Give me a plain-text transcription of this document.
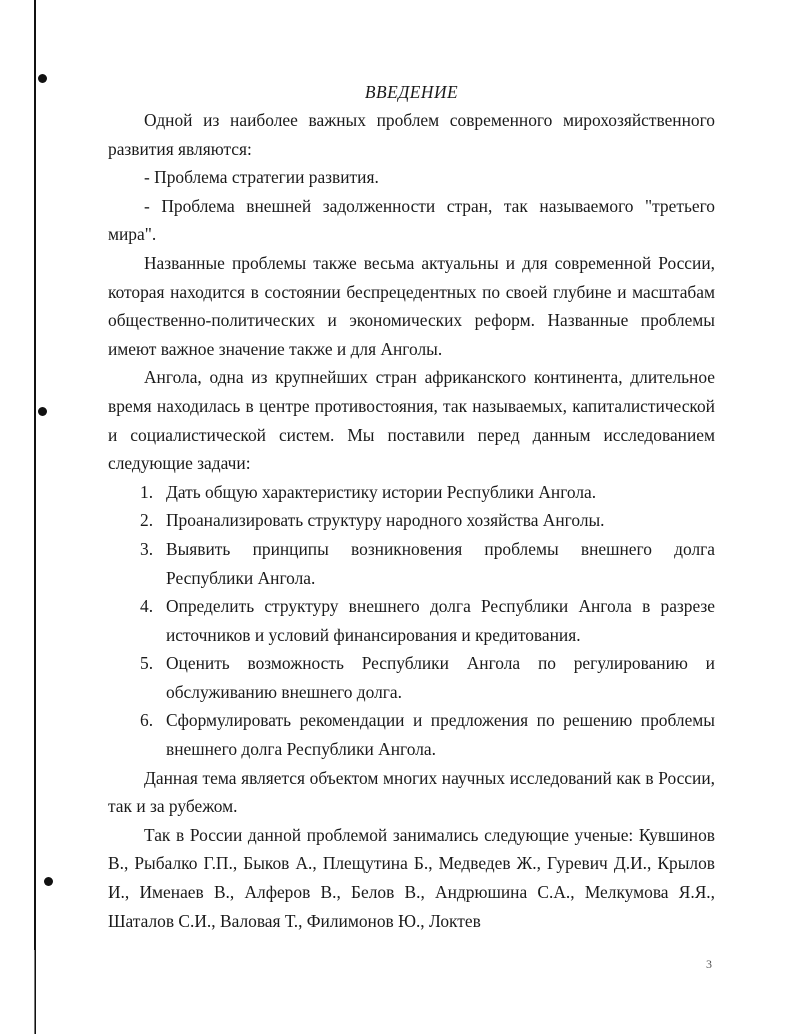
ВВЕДЕНИЕ

Одной из наиболее важных проблем современного мирохозяйственного развития являются:

- Проблема стратегии развития.

- Проблема внешней задолженности стран, так называемого "третьего мира".

Названные проблемы также весьма актуальны и для современной России, которая находится в состоянии беспрецедентных по своей глубине и масштабам общественно-политических и экономических реформ. Названные проблемы имеют важное значение также и для Анголы.

Ангола, одна из крупнейших стран африканского континента, длительное время находилась в центре противостояния, так называемых, капиталистической и социалистической систем. Мы поставили перед данным исследованием следующие задачи:

1. Дать общую характеристику истории Республики Ангола.
2. Проанализировать структуру народного хозяйства Анголы.
3. Выявить принципы возникновения проблемы внешнего долга Республики Ангола.
4. Определить структуру внешнего долга Республики Ангола в разрезе источников и условий финансирования и кредитования.
5. Оценить возможность Республики Ангола по регулированию и обслуживанию внешнего долга.
6. Сформулировать рекомендации и предложения по решению проблемы внешнего долга Республики Ангола.

Данная тема является объектом многих научных исследований как в России, так и за рубежом.

Так в России данной проблемой занимались следующие ученые: Кувшинов В., Рыбалко Г.П., Быков А., Плещутина Б., Медведев Ж., Гуревич Д.И., Крылов И., Именаев В., Алферов В., Белов В., Андрюшина С.А., Мелкумова Я.Я., Шаталов С.И., Валовая Т., Филимонов Ю., Локтев

3
